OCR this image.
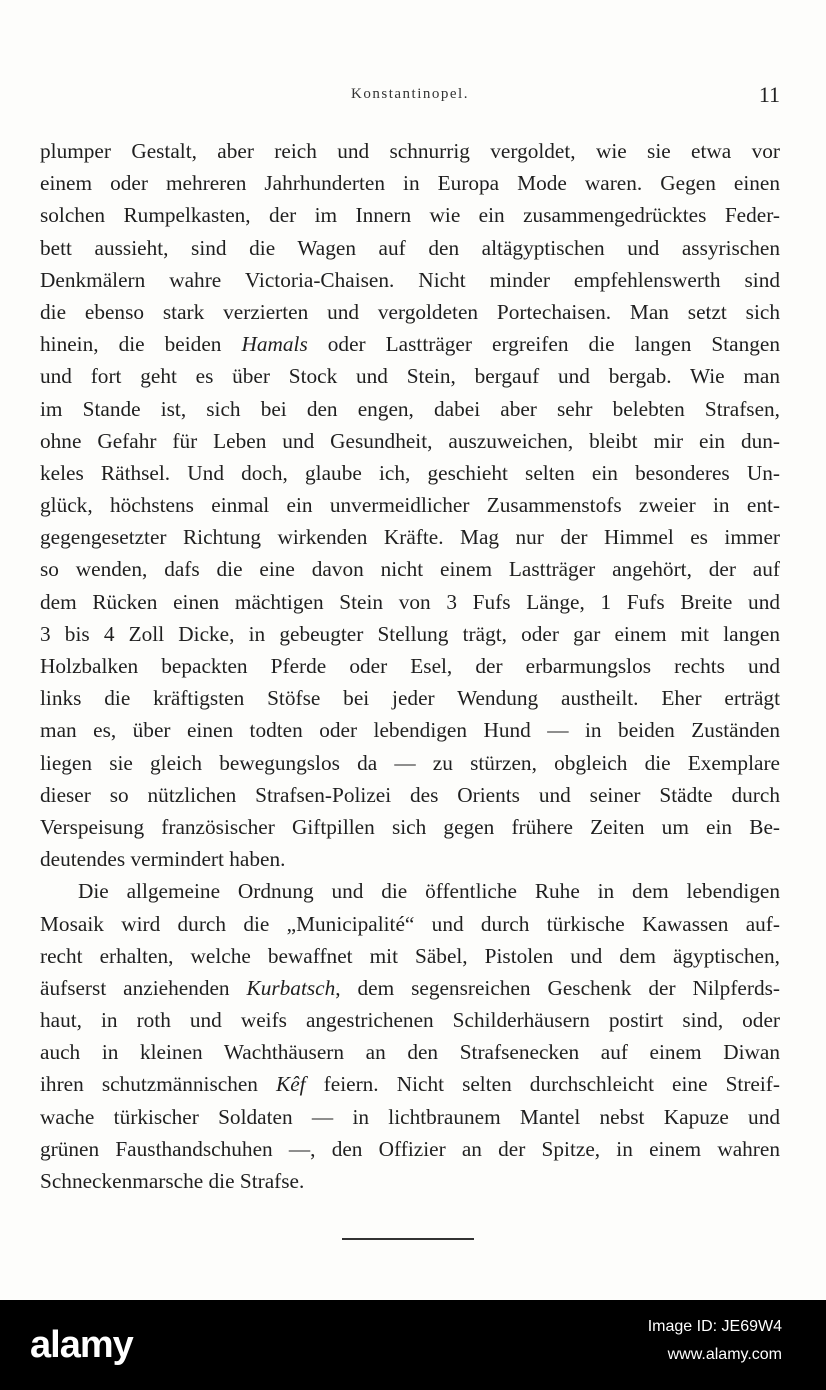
Konstantinopel.	11
plumper Gestalt, aber reich und schnurrig vergoldet, wie sie etwa vor
einem oder mehreren Jahrhunderten in Europa Mode waren. Gegen einen
solchen Rumpelkasten, der im Innern wie ein zusammengedrücktes Feder-
bett aussieht, sind die Wagen auf den altägyptischen und assyrischen
Denkmälern wahre Victoria-Chaisen. Nicht minder empfehlenswerth sind
die ebenso stark verzierten und vergoldeten Portechaisen. Man setzt sich
hinein, die beiden Hamals oder Lastträger ergreifen die langen Stangen
und fort geht es über Stock und Stein, bergauf und bergab. Wie man
im Stande ist, sich bei den engen, dabei aber sehr belebten Strafsen,
ohne Gefahr für Leben und Gesundheit, auszuweichen, bleibt mir ein dun-
keles Räthsel. Und doch, glaube ich, geschieht selten ein besonderes Un-
glück, höchstens einmal ein unvermeidlicher Zusammenstofs zweier in ent-
gegengesetzter Richtung wirkenden Kräfte. Mag nur der Himmel es immer
so wenden, dafs die eine davon nicht einem Lastträger angehört, der auf
dem Rücken einen mächtigen Stein von 3 Fufs Länge, 1 Fufs Breite und
3 bis 4 Zoll Dicke, in gebeugter Stellung trägt, oder gar einem mit langen
Holzbalken bepackten Pferde oder Esel, der erbarmungslos rechts und
links die kräftigsten Stöfse bei jeder Wendung austheilt. Eher erträgt
man es, über einen todten oder lebendigen Hund — in beiden Zuständen
liegen sie gleich bewegungslos da — zu stürzen, obgleich die Exemplare
dieser so nützlichen Strafsen-Polizei des Orients und seiner Städte durch
Verspeisung französischer Giftpillen sich gegen frühere Zeiten um ein Be-
deutendes vermindert haben.
Die allgemeine Ordnung und die öffentliche Ruhe in dem lebendigen
Mosaik wird durch die „Municipalité“ und durch türkische Kawassen auf-
recht erhalten, welche bewaffnet mit Säbel, Pistolen und dem ägyptischen,
äufserst anziehenden Kurbatsch, dem segensreichen Geschenk der Nilpferds-
haut, in roth und weifs angestrichenen Schilderhäusern postirt sind, oder
auch in kleinen Wachthäusern an den Strafsenecken auf einem Diwan
ihren schutzmännischen Kêf feiern. Nicht selten durchschleicht eine Streif-
wache türkischer Soldaten — in lichtbraunem Mantel nebst Kapuze und
grünen Fausthandschuhen —, den Offizier an der Spitze, in einem wahren
Schneckenmarsche die Strafse.
alamy	Image ID: JE69W4
www.alamy.com
